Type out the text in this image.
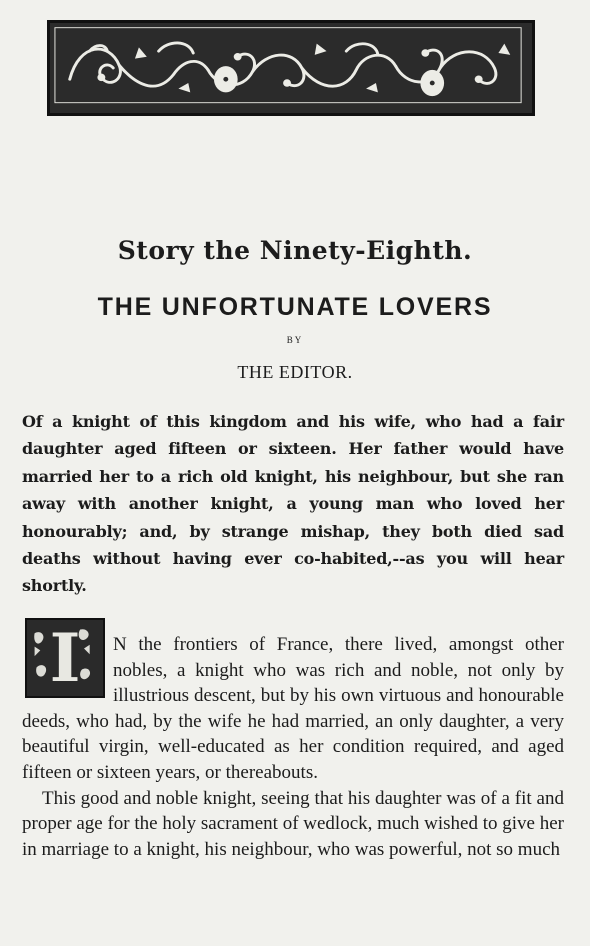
Story the Ninety-Eighth.
THE UNFORTUNATE LOVERS
BY
THE EDITOR.

Of a knight of this kingdom and his wife, who had a fair daughter aged fifteen or sixteen. Her father would have married her to a rich old knight, his neighbour, but she ran away with another knight, a young man who loved her honourably; and, by strange mishap, they both died sad deaths without having ever co-habited,--as you will hear shortly.

I	N the frontiers of France, there lived, amongst other nobles, a knight who was rich and noble, not only by illustrious descent, but by his own virtuous and honourable deeds, who had, by the wife he had married, an only daughter, a very beautiful virgin, well-educated as her condition required, and aged fifteen or sixteen years, or thereabouts.

This good and noble knight, seeing that his daughter was of a fit and proper age for the holy sacrament of wedlock, much wished to give her in marriage to a knight, his neighbour, who was powerful, not so much
